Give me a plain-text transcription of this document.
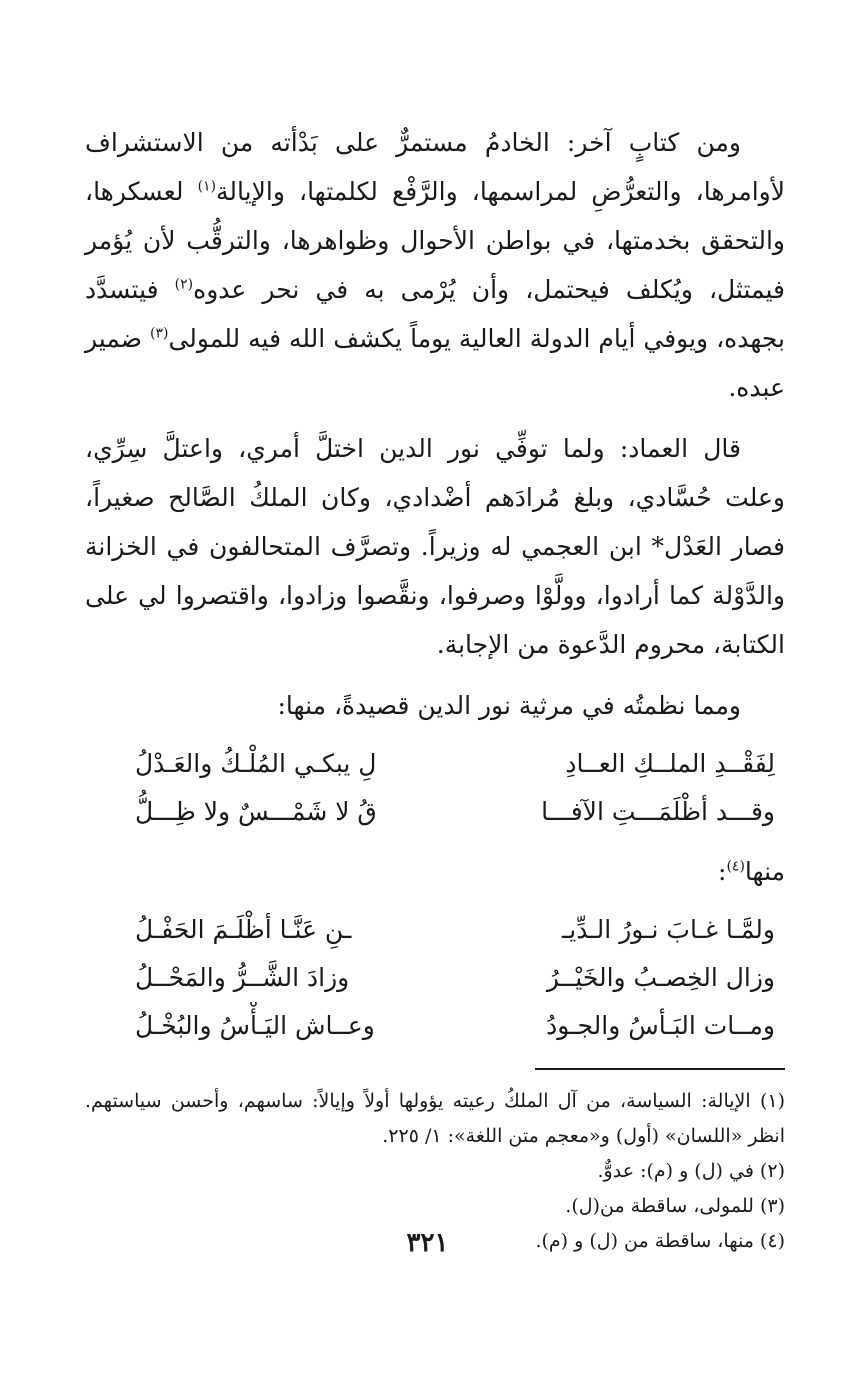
ومن كتابٍ آخر: الخادمُ مستمرٌّ على بَدْأته من الاستشراف لأوامرها، والتعرُّضِ لمراسمها، والرَّفْع لكلمتها، والإيالة$^{(١)}$ لعسكرها، والتحقق بخدمتها، في بواطن الأحوال وظواهرها، والترقُّب لأن يُؤمر فيمتثل، ويُكلف فيحتمل، وأن يُرْمى به في نحر عدوه$^{(٢)}$ فيتسدَّد بجهده، ويوفي أيام الدولة العالية يوماً يكشف الله فيه للمولى$^{(٣)}$ ضمير عبده.

قال العماد: ولما توفِّي نور الدين اختلَّ أمري، واعتلَّ سِرِّي، وعلت حُسَّادي، وبلغ مُرادَهم أضْدادي، وكان الملكُ الصَّالح صغيراً، فصار العَدْل* ابن العجمي له وزيراً. وتصرَّف المتحالفون في الخزانة والدَّوْلة كما أرادوا، وولَّوْا وصرفوا، ونقَّصوا وزادوا، واقتصروا لي على الكتابة، محروم الدَّعوة من الإجابة.

ومما نظمتُه في مرثية نور الدين قصيدةً، منها:

لِفَقْــدِ الملــكِ العــادِ
لِ يبكـي المُلْـكُ والعَـدْلُ
وقـــد أظْلَمَـــتِ الآفـــا
قُ لا شَمْـــسٌ ولا ظِـــلُّ
منها$^{(٤)}$:
ولمَّـا غـابَ نـورُ الـدِّيـ
ـنِ عَنَّـا أظْلَـمَ الحَفْـلُ
وزال الخِصـبُ والخَيْــرُ
وزادَ الشَّــرُّ والمَحْــلُ
ومــات البَـأسُ والجـودُ
وعــاش اليَـأْسُ والبُخْـلُ

(١) الإيالة: السياسة، من آل الملكُ رعيته يؤولها أولاً وإيالاً: ساسهم، وأحسن سياستهم. انظر «اللسان» (أول) و«معجم متن اللغة»: ١/ ٢٢٥.

(٢) في (ل) و (م): عدوٌّ.

(٣) للمولى، ساقطة من(ل).

(٤) منها، ساقطة من (ل) و (م).

٣٢١
